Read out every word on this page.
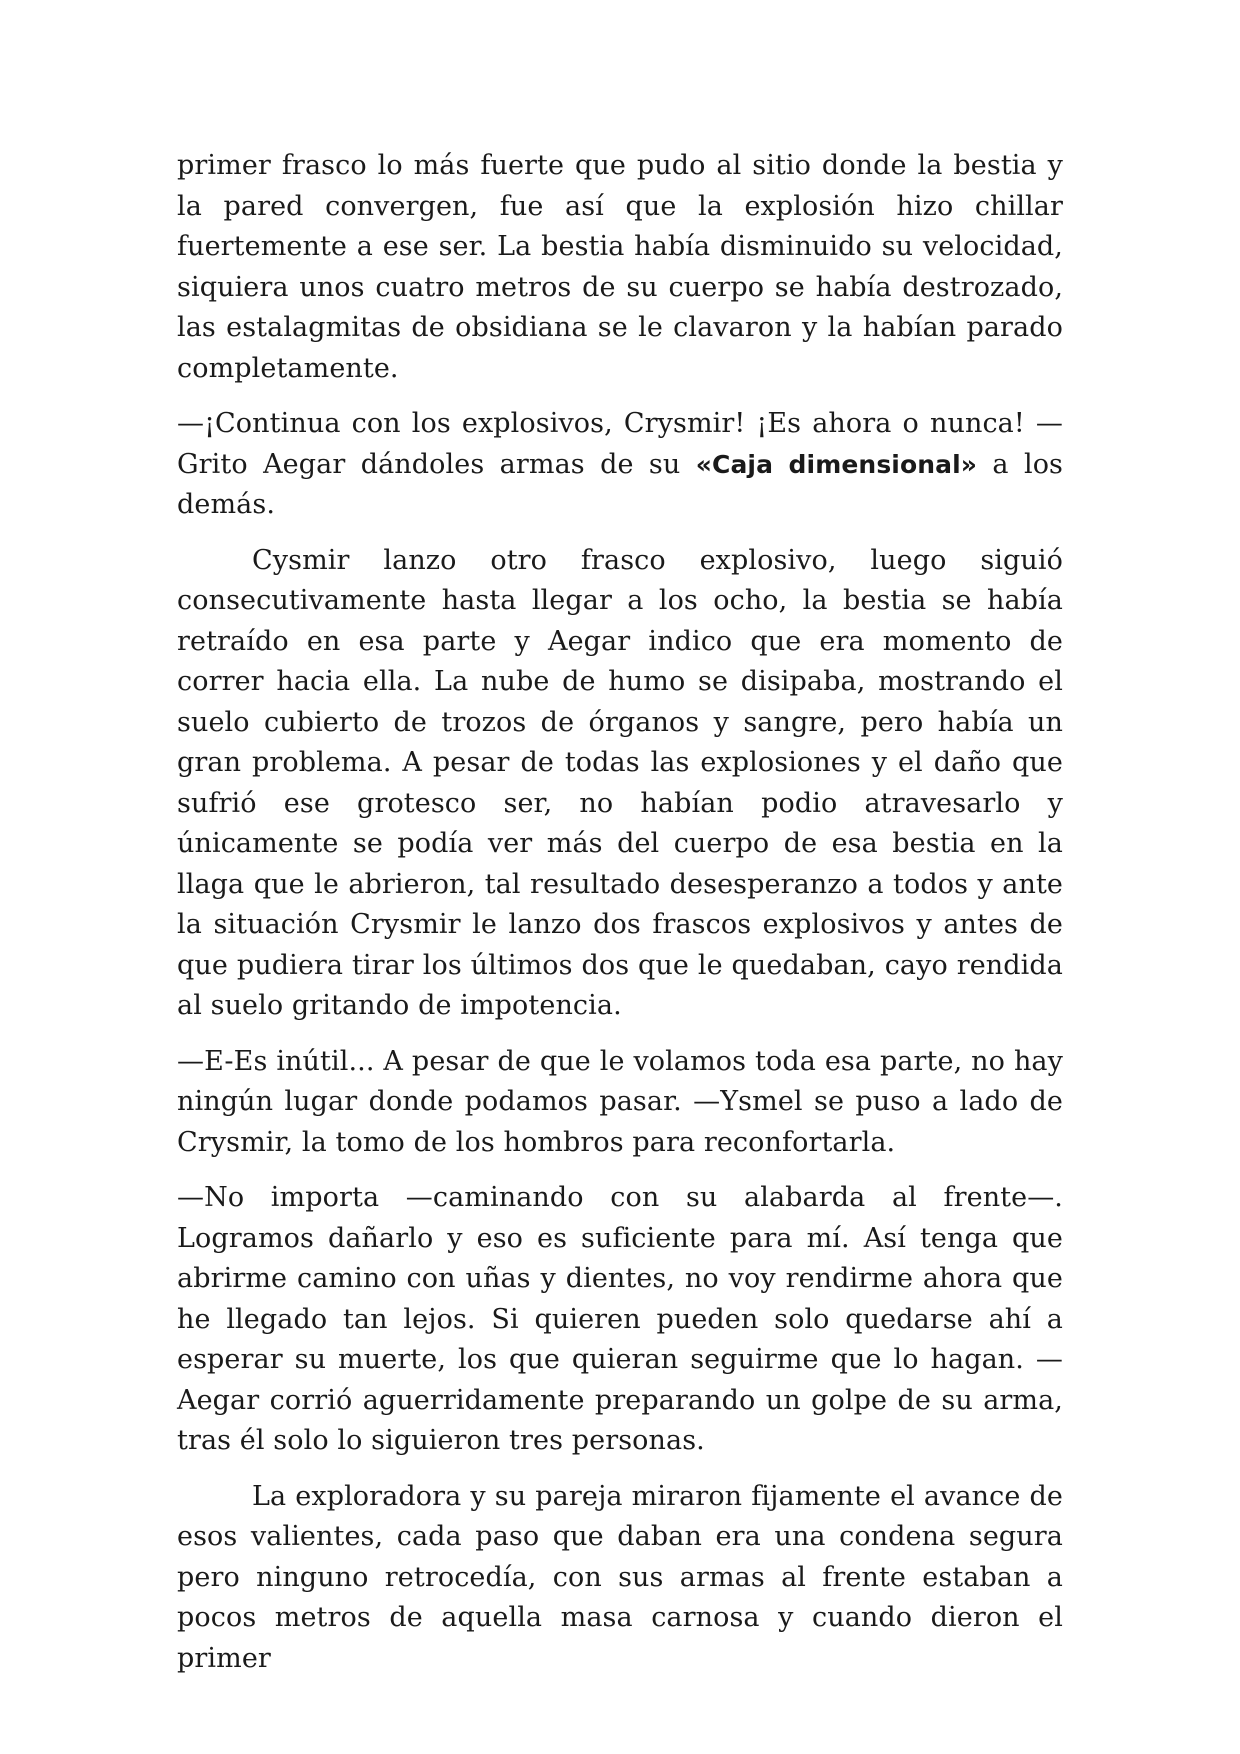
primer frasco lo más fuerte que pudo al sitio donde la bestia y la pared convergen, fue así que la explosión hizo chillar fuertemente a ese ser. La bestia había disminuido su velocidad, siquiera unos cuatro metros de su cuerpo se había destrozado, las estalagmitas de obsidiana se le clavaron y la habían parado completamente.

—¡Continua con los explosivos, Crysmir! ¡Es ahora o nunca! —Grito Aegar dándoles armas de su «Caja dimensional» a los demás.

Cysmir lanzo otro frasco explosivo, luego siguió consecutivamente hasta llegar a los ocho, la bestia se había retraído en esa parte y Aegar indico que era momento de correr hacia ella. La nube de humo se disipaba, mostrando el suelo cubierto de trozos de órganos y sangre, pero había un gran problema. A pesar de todas las explosiones y el daño que sufrió ese grotesco ser, no habían podio atravesarlo y únicamente se podía ver más del cuerpo de esa bestia en la llaga que le abrieron, tal resultado desesperanzo a todos y ante la situación Crysmir le lanzo dos frascos explosivos y antes de que pudiera tirar los últimos dos que le quedaban, cayo rendida al suelo gritando de impotencia.

—E-Es inútil... A pesar de que le volamos toda esa parte, no hay ningún lugar donde podamos pasar. —Ysmel se puso a lado de Crysmir, la tomo de los hombros para reconfortarla.

—No importa —caminando con su alabarda al frente—. Logramos dañarlo y eso es suficiente para mí. Así tenga que abrirme camino con uñas y dientes, no voy rendirme ahora que he llegado tan lejos. Si quieren pueden solo quedarse ahí a esperar su muerte, los que quieran seguirme que lo hagan. —Aegar corrió aguerridamente preparando un golpe de su arma, tras él solo lo siguieron tres personas.

La exploradora y su pareja miraron fijamente el avance de esos valientes, cada paso que daban era una condena segura pero ninguno retrocedía, con sus armas al frente estaban a pocos metros de aquella masa carnosa y cuando dieron el primer
